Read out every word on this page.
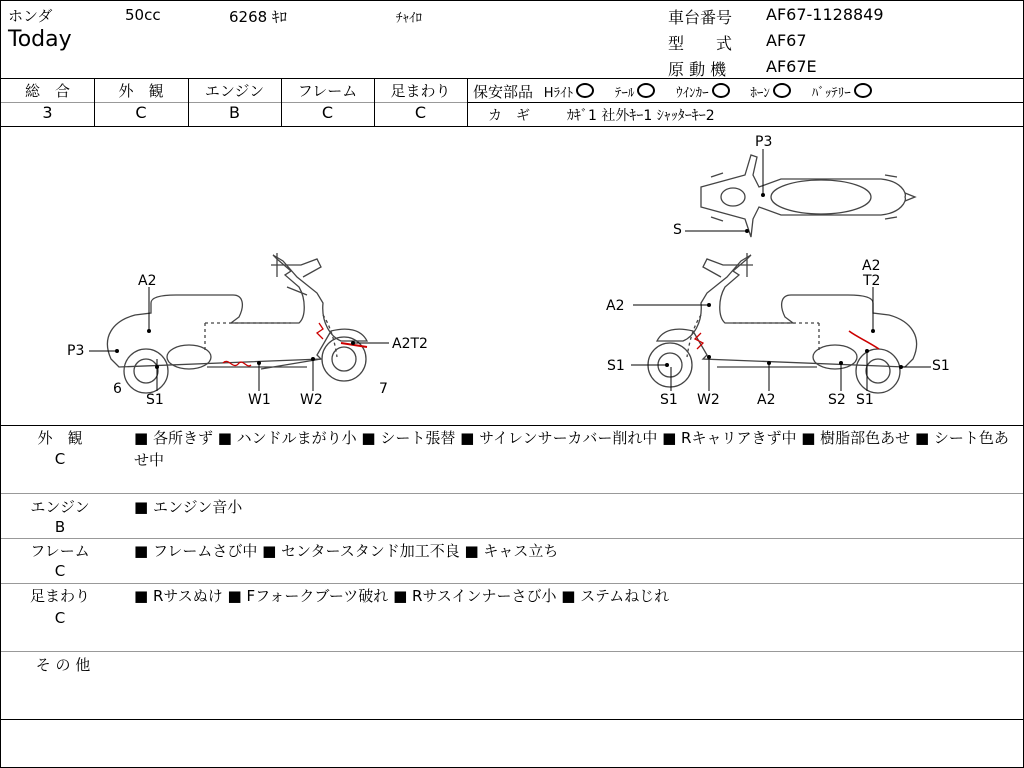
ホンダ	50cc	6268 ｷﾛ	ﾁｬｲﾛ
Today
車台番号 AF67-1128849
型　　式 AF67
原 動 機 AF67E
総　合
3
外　観
C
エンジン
B
フレーム
C
足まわり
C
保安部品 Hﾗｲﾄ	ﾃｰﾙ	ｳｲﾝｶｰ	ﾎｰﾝ	ﾊﾞｯﾃﾘｰ
カ　ギ	ｶｷﾞ1 社外ｷｰ1 ｼｬｯﾀｰｷｰ2
A2
P3
6
S1	W1 W2
A2T2
7
P3
S
A2
T2
A2
S1	S1
S1 W2	A2	S2 S1
外　観
C
■ 各所きず ■ ハンドルまがり小 ■ シート張替 ■ サイレンサーカバー削れ中 ■ Rキャリアきず中 ■ 樹脂部色あせ ■ シート色あせ中
エンジン
B
■ エンジン音小
フレーム
C
■ フレームさび中 ■ センタースタンド加工不良 ■ キャス立ち
足まわり
C
■ Rサスぬけ ■ Fフォークブーツ破れ ■ Rサスインナーさび小 ■ ステムねじれ
そ の 他
